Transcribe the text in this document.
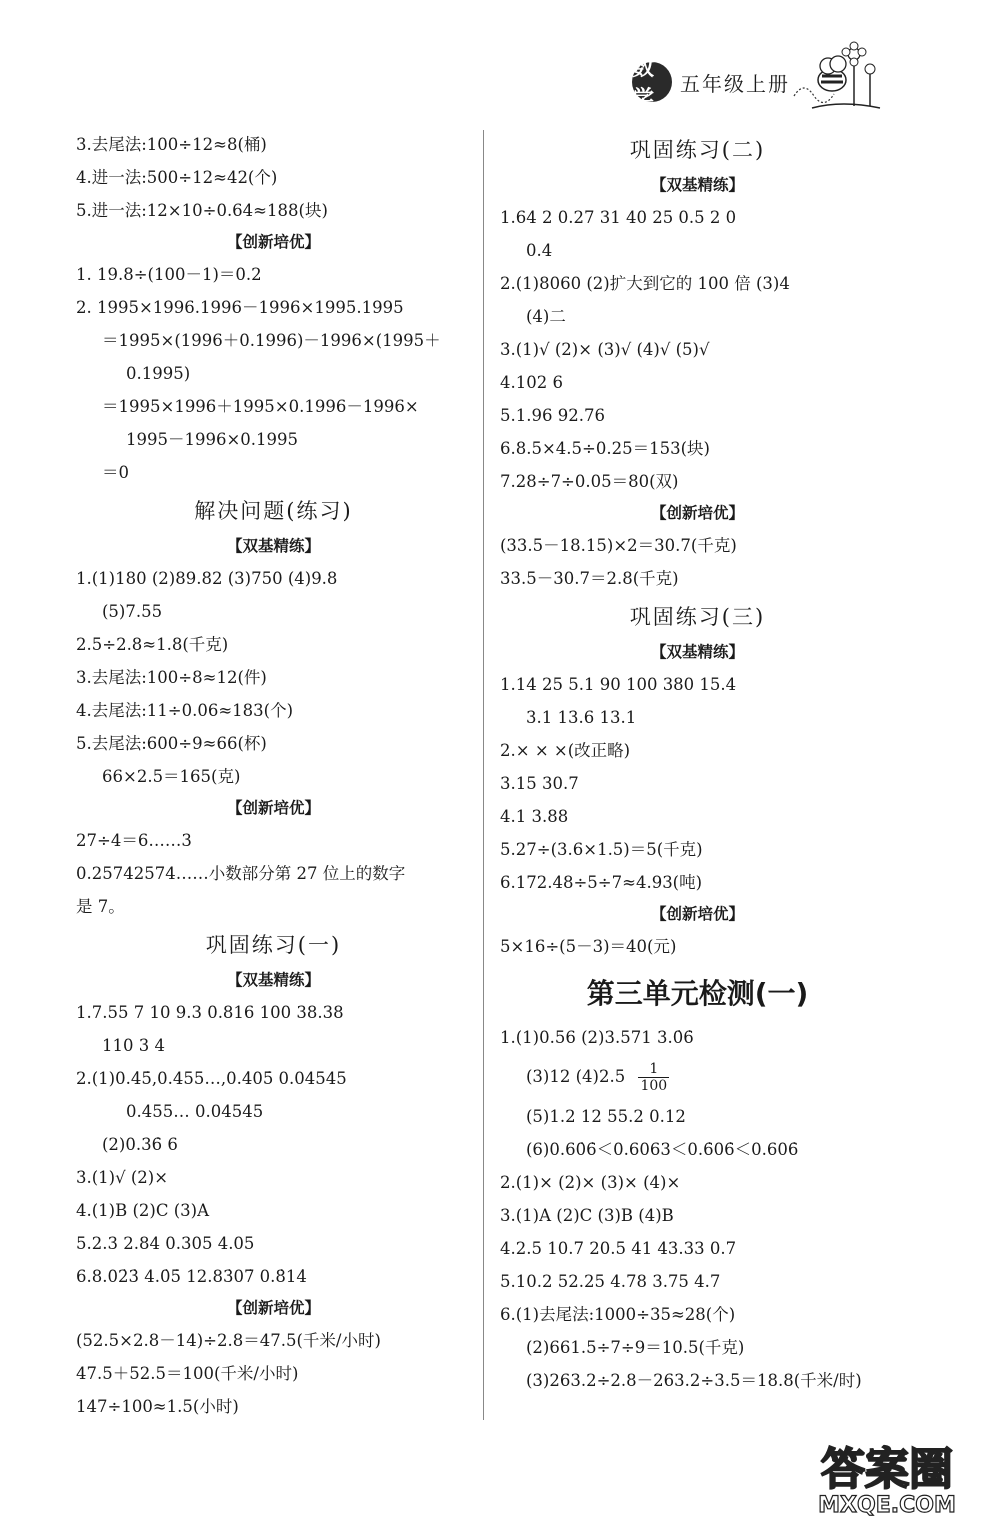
数学
五年级上册
3.去尾法:100÷12≈8(桶)
4.进一法:500÷12≈42(个)
5.进一法:12×10÷0.64≈188(块)
【创新培优】
1. 19.8÷(100－1)＝0.2
2. 1995×1996.1996－1996×1995.1995
＝1995×(1996＋0.1996)－1996×(1995＋
0.1995)
＝1995×1996＋1995×0.1996－1996×
1995－1996×0.1995
＝0
解决问题(练习)
【双基精练】
1.(1)180 (2)89.82 (3)750 (4)9.8
(5)7.55
2.5÷2.8≈1.8(千克)
3.去尾法:100÷8≈12(件)
4.去尾法:11÷0.06≈183(个)
5.去尾法:600÷9≈66(杯)
66×2.5＝165(克)
【创新培优】
27÷4＝6……3
0.25742574……小数部分第 27 位上的数字
是 7。
巩固练习(一)
【双基精练】
1.7.55 7 10 9.3 0.816 100 38.38
110 3 4
2.(1)0.4̇5̇,0.455…,0.4̇05̇ 0.04545
0.455… 0.04545
(2)0.36̇ 6
3.(1)√ (2)×
4.(1)B (2)C (3)A
5.2.3 2.84 0.305 4.05
6.8.02̇3̇ 4.0̇5̇ 12.83̇07̇ 0.8̇14̇
【创新培优】
(52.5×2.8－14)÷2.8＝47.5(千米/小时)
47.5＋52.5＝100(千米/小时)
147÷100≈1.5(小时)
巩固练习(二)
【双基精练】
1.64 2 0.27 31 40 25 0.5 2 0
0.4
2.(1)8060 (2)扩大到它的 100 倍 (3)4
(4)二
3.(1)√ (2)× (3)√ (4)√ (5)√
4.102 6
5.1.96 92.76
6.8.5×4.5÷0.25＝153(块)
7.28÷7÷0.05＝80(双)
【创新培优】
(33.5－18.15)×2＝30.7(千克)
33.5－30.7＝2.8(千克)
巩固练习(三)
【双基精练】
1.14 25 5.1 90 100 380 15.4
3.1 13.6 13.1
2.× × ×(改正略)
3.15 30.7
4.1 3.88
5.27÷(3.6×1.5)＝5(千克)
6.172.48÷5÷7≈4.93(吨)
【创新培优】
5×16÷(5－3)＝40(元)
第三单元检测(一)
1.(1)0.56 (2)3.571 3.0̇6̇
(3)12 $(4)2.5 \frac{1}{100}$
(5)1.2 12 55.2 0.12
(6)0.60̇6̇＜0.6063＜0.6̇06̇＜0.606̇
2.(1)× (2)× (3)× (4)×
3.(1)A (2)C (3)B (4)B
4.2.5 10.7 20.5 41 43.33 0.7
5.10.2 52.25 4.78 3.75 4.7
6.(1)去尾法:1000÷35≈28(个)
(2)661.5÷7÷9＝10.5(千克)
(3)263.2÷2.8－263.2÷3.5＝18.8(千米/时)
答案圈
MXQE.COM
